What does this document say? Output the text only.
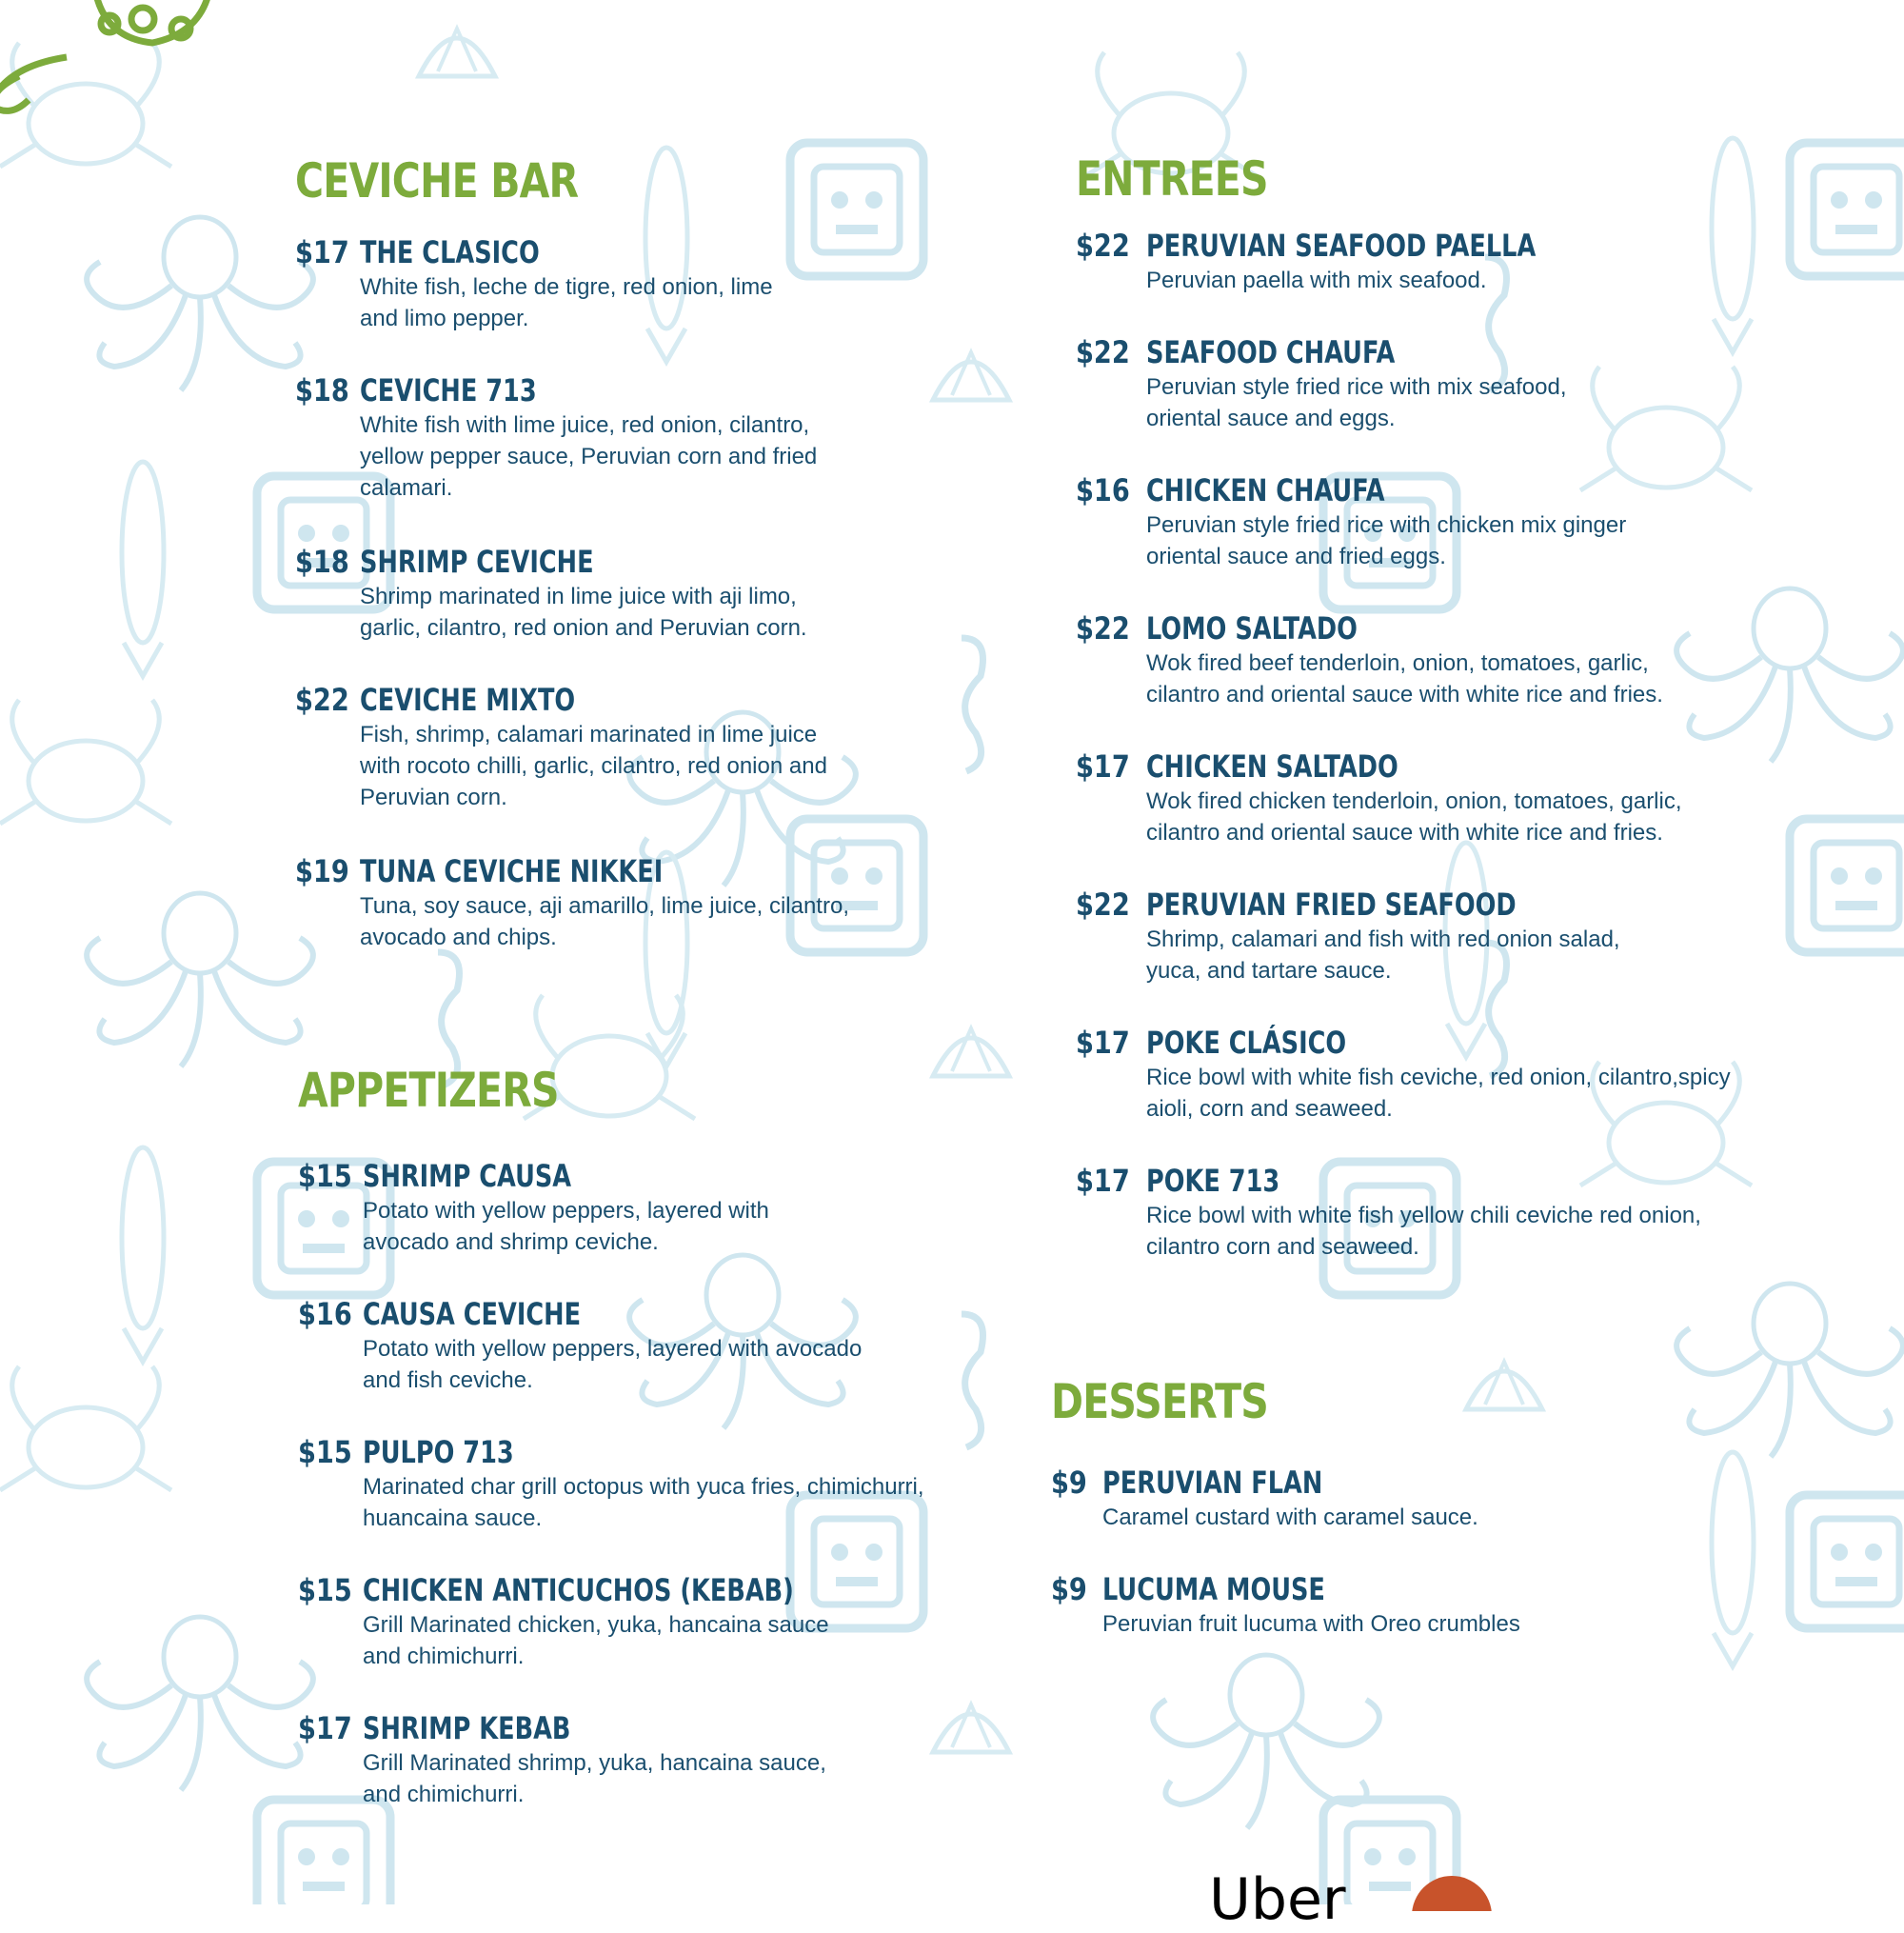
CEVICHE BAR
$17 THE CLASICO
White fish, leche de tigre, red onion, lime
and limo pepper.
$18 CEVICHE 713
White fish with lime juice, red onion, cilantro,
yellow pepper sauce, Peruvian corn and fried
calamari.
$18 SHRIMP CEVICHE
Shrimp marinated in lime juice with aji limo,
garlic, cilantro, red onion and Peruvian corn.
$22 CEVICHE MIXTO
Fish, shrimp, calamari marinated in lime juice
with rocoto chilli, garlic, cilantro, red onion and
Peruvian corn.
$19 TUNA CEVICHE NIKKEI
Tuna, soy sauce, aji amarillo, lime juice, cilantro,
avocado and chips.
APPETIZERS
$15 SHRIMP CAUSA
Potato with yellow peppers, layered with
avocado and shrimp ceviche.
$16 CAUSA CEVICHE
Potato with yellow peppers, layered with avocado
and fish ceviche.
$15 PULPO 713
Marinated char grill octopus with yuca fries, chimichurri,
huancaina sauce.
$15 CHICKEN ANTICUCHOS (KEBAB)
Grill Marinated chicken, yuka, hancaina sauce
and chimichurri.
$17 SHRIMP KEBAB
Grill Marinated shrimp, yuka, hancaina sauce,
and chimichurri.
ENTREES
$22 PERUVIAN SEAFOOD PAELLA
Peruvian paella with mix seafood.
$22 SEAFOOD CHAUFA
Peruvian style fried rice with mix seafood,
oriental sauce and eggs.
$16 CHICKEN CHAUFA
Peruvian style fried rice with chicken mix ginger
oriental sauce and fried eggs.
$22 LOMO SALTADO
Wok fired beef tenderloin, onion, tomatoes, garlic,
cilantro and oriental sauce with white rice and fries.
$17 CHICKEN SALTADO
Wok fired chicken tenderloin, onion, tomatoes, garlic,
cilantro and oriental sauce with white rice and fries.
$22 PERUVIAN FRIED SEAFOOD
Shrimp, calamari and fish with red onion salad,
yuca, and tartare sauce.
$17 POKE CLÁSICO
Rice bowl with white fish ceviche, red onion, cilantro,spicy
aioli, corn and seaweed.
$17 POKE 713
Rice bowl with white fish yellow chili ceviche red onion,
cilantro corn and seaweed.
DESSERTS
$9 PERUVIAN FLAN
Caramel custard with caramel sauce.
$9 LUCUMA MOUSE
Peruvian fruit lucuma with Oreo crumbles
Uber
